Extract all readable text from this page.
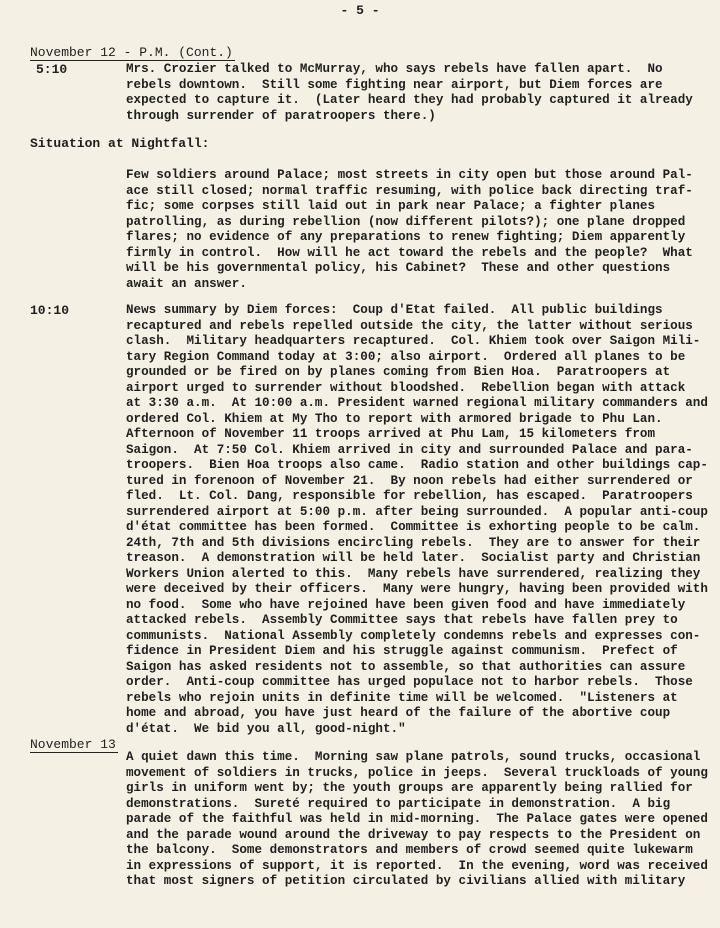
- 5 -
November 12 - P.M. (Cont.)
5:10	Mrs. Crozier talked to McMurray, who says rebels have fallen apart.  No
rebels downtown.  Still some fighting near airport, but Diem forces are
expected to capture it.  (Later heard they had probably captured it already
through surrender of paratroopers there.)
Situation at Nightfall:
Few soldiers around Palace; most streets in city open but those around Pal-
ace still closed; normal traffic resuming, with police back directing traf-
fic; some corpses still laid out in park near Palace; a fighter planes
patrolling, as during rebellion (now different pilots?); one plane dropped
flares; no evidence of any preparations to renew fighting; Diem apparently
firmly in control.  How will he act toward the rebels and the people?  What
will be his governmental policy, his Cabinet?  These and other questions
await an answer.
10:10	News summary by Diem forces:  Coup d'Etat failed.  All public buildings
recaptured and rebels repelled outside the city, the latter without serious
clash.  Military headquarters recaptured.  Col. Khiem took over Saigon Mili-
tary Region Command today at 3:00; also airport.  Ordered all planes to be
grounded or be fired on by planes coming from Bien Hoa.  Paratroopers at
airport urged to surrender without bloodshed.  Rebellion began with attack
at 3:30 a.m.  At 10:00 a.m. President warned regional military commanders and
ordered Col. Khiem at My Tho to report with armored brigade to Phu Lan.
Afternoon of November 11 troops arrived at Phu Lam, 15 kilometers from
Saigon.  At 7:50 Col. Khiem arrived in city and surrounded Palace and para-
troopers.  Bien Hoa troops also came.  Radio station and other buildings cap-
tured in forenoon of November 21.  By noon rebels had either surrendered or
fled.  Lt. Col. Dang, responsible for rebellion, has escaped.  Paratroopers
surrendered airport at 5:00 p.m. after being surrounded.  A popular anti-coup
d'état committee has been formed.  Committee is exhorting people to be calm.
24th, 7th and 5th divisions encircling rebels.  They are to answer for their
treason.  A demonstration will be held later.  Socialist party and Christian
Workers Union alerted to this.  Many rebels have surrendered, realizing they
were deceived by their officers.  Many were hungry, having been provided with
no food.  Some who have rejoined have been given food and have immediately
attacked rebels.  Assembly Committee says that rebels have fallen prey to
communists.  National Assembly completely condemns rebels and expresses con-
fidence in President Diem and his struggle against communism.  Prefect of
Saigon has asked residents not to assemble, so that authorities can assure
order.  Anti-coup committee has urged populace not to harbor rebels.  Those
rebels who rejoin units in definite time will be welcomed.  "Listeners at
home and abroad, you have just heard of the failure of the abortive coup
d'état.  We bid you all, good-night."
November 13
A quiet dawn this time.  Morning saw plane patrols, sound trucks, occasional
movement of soldiers in trucks, police in jeeps.  Several truckloads of young
girls in uniform went by; the youth groups are apparently being rallied for
demonstrations.  Sureté required to participate in demonstration.  A big
parade of the faithful was held in mid-morning.  The Palace gates were opened
and the parade wound around the driveway to pay respects to the President on
the balcony.  Some demonstrators and members of crowd seemed quite lukewarm
in expressions of support, it is reported.  In the evening, word was received
that most signers of petition circulated by civilians allied with military
